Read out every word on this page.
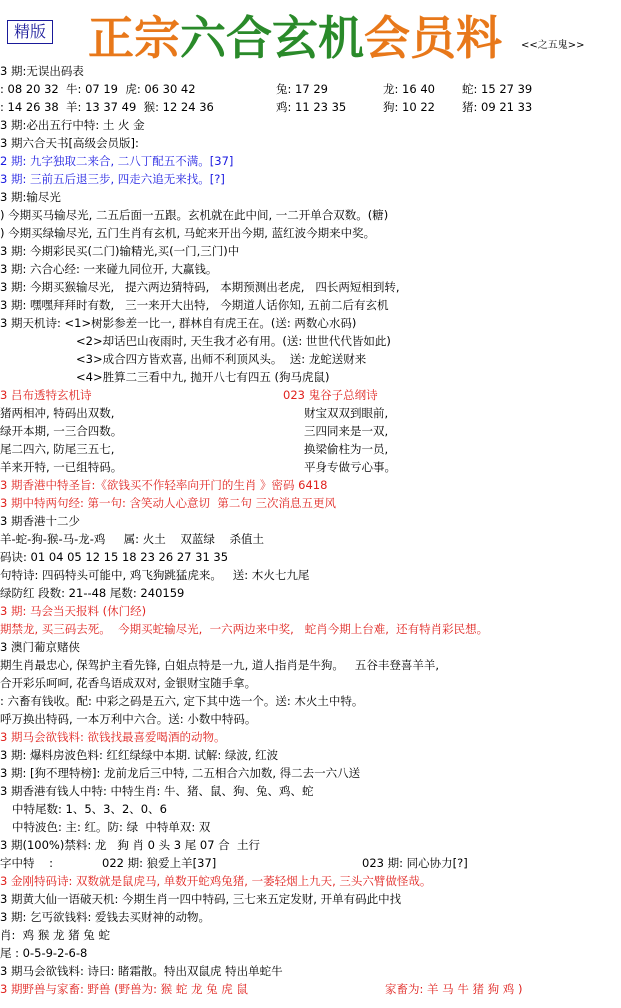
精版 正宗六合玄机会员料 <<之五鬼>>
3 期:无误出码表
: 08 20 32  牛: 07 19  虎: 06 30 42	兔: 17 29	龙: 16 40 蛇: 15 27 39
: 14 26 38  羊: 13 37 49  猴: 12 24 36	鸡: 11 23 35	狗: 10 22 猪: 09 21 33
3 期:必出五行中特: 土 火 金
3 期六合天书[高级会员版]:
2 期: 九字独取二来合, 二八丁配五不满。[37]
3 期: 三前五后退三步, 四走六追无来找。[?]
3 期:输尽光
) 今期买马输尽光, 二五后面一五跟。玄机就在此中间, 一二开单合双数。(糖)
) 今期买绿输尽光, 五门生肖有玄机, 马蛇来开出今期, 蓝红波今期来中奖。
3 期: 今期彩民买(二门)输精光,买(一门,三门)中
3 期: 六合心经: 一来碰九同位开, 大赢钱。
3 期: 今期买猴输尽光,   提六两边猜特码,   本期预测出老虎,   四长两短相到转,
3 期: 嘿嘿拜拜时有数,   三一来开大出特,   今期道人话你知, 五前二后有玄机
3 期天机诗: <1>树影参差一比一, 群林自有虎王在。(送: 两数心水码)
<2>却话巴山夜雨时, 天生我才必有用。(送: 世世代代皆如此)
<3>成合四方皆欢喜, 出师不利顶风头。  送: 龙蛇送财来
<4>胜算二三看中九, 抛开八七有四五 (狗马虎鼠)
3 吕布透特玄机诗	023 鬼谷子总纲诗
猪两相冲, 特码出双数,	财宝双双到眼前,
绿开本期, 一三合四数。	三四同来是一双,
尾二四六, 防尾三五七,	换梁偷柱为一员,
羊来开特, 一已组特码。	平身专做亏心事。
3 期香港中特圣旨:《欲钱买不作轻率向开门的生肖 》密码 6418
3 期中特两句经: 第一句: 含笑动人心意切  第二句 三次消息五更风
3 期香港十二少
羊-蛇-狗-猴-马-龙-鸡     属: 火土    双蓝绿    杀值土
码诀: 01 04 05 12 15 18 23 26 27 31 35
句特诗: 四码特头可能中, 鸡飞狗跳猛虎来。   送: 木火七九尾
绿防红 段数: 21--48 尾数: 240159
3 期: 马会当天报料 (休门经)
期禁龙, 买三码去死。  今期买蛇输尽光,  一六两边来中奖,   蛇肖今期上台难,  还有特肖彩民想。
3 澳门葡京赌侠
期生肖最忠心, 保驾护主看先锋, 白姐点特是一九, 道人指肖是牛狗。   五谷丰登喜羊羊,
合开彩乐呵呵, 花香鸟语成双对, 金银财宝随手拿。
: 六畜有钱收。配: 中彩之码是五六, 定下其中选一个。送: 木火土中特。
呼万换出特码, 一本万利中六合。送: 小数中特码。
3 期马会欲钱料: 欲钱找最喜爱喝酒的动物。
3 期: 爆料房波色料: 红红绿绿中本期. 试解: 绿波, 红波
3 期: [狗不理特榜]: 龙前龙后三中特, 二五相合六加数, 得二去一六八送
3 期香港有钱人中特: 中特生肖: 牛、猪、鼠、狗、兔、鸡、蛇
中特尾数: 1、5、3、2、0、6
中特波色: 主: 红。防: 绿  中特单双: 双
3 期(100%)禁料: 龙   狗 肖 0 头 3 尾 07 合  土行
字中特    :	022 期: 狼爱上羊[37]	023 期: 同心协力[?]
3 金刚特码诗: 双数就是鼠虎马, 单数开蛇鸡兔猪, 一萎轻烟上九天, 三头六臂做怪哉。
3 期黄大仙一语破天机: 今期生肖一四中特码, 三七来五定发财, 开单有码此中找
3 期: 乞丐欲钱料: 爱钱去买财神的动物。
肖:  鸡 猴 龙 猪 兔 蛇
尾 : 0-5-9-2-6-8
3 期马会欲钱料: 诗曰: 睹霜散。特出双鼠虎 特出单蛇牛
3 期野兽与家畜: 野兽 (野兽为: 猴 蛇 龙 兔 虎 鼠	家畜为: 羊 马 牛 猪 狗 鸡 )
